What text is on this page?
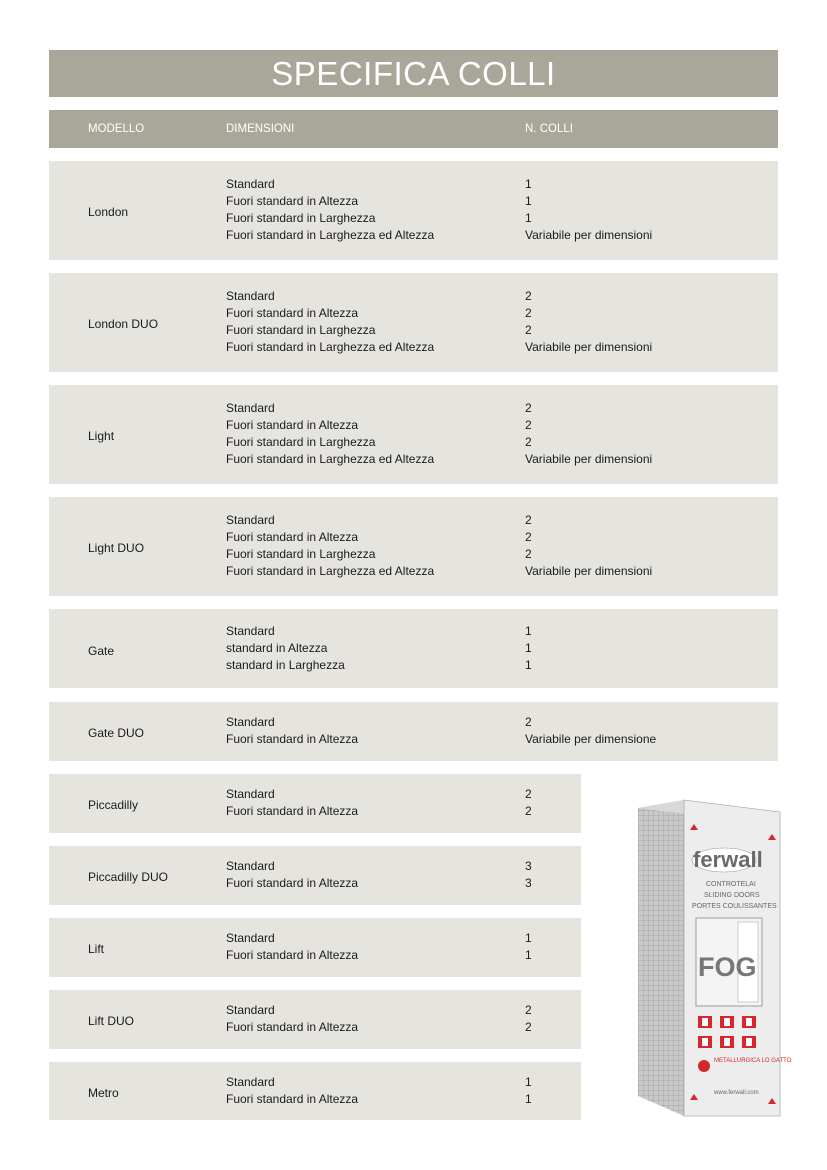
SPECIFICA COLLI
MODELLO	DIMENSIONI	N. COLLI
London
Standard
Fuori standard in Altezza
Fuori standard in Larghezza
Fuori standard in Larghezza ed Altezza
1
1
1
Variabile per dimensioni
London DUO
Standard
Fuori standard in Altezza
Fuori standard in Larghezza
Fuori standard in Larghezza ed Altezza
2
2
2
Variabile per dimensioni
Light
Standard
Fuori standard in Altezza
Fuori standard in Larghezza
Fuori standard in Larghezza ed Altezza
2
2
2
Variabile per dimensioni
Light DUO
Standard
Fuori standard in Altezza
Fuori standard in Larghezza
Fuori standard in Larghezza ed Altezza
2
2
2
Variabile per dimensioni
Gate
Standard
standard in Altezza
standard in Larghezza
1
1
1
Gate DUO
Standard
Fuori standard in Altezza
2
Variabile per dimensione
Piccadilly
Standard
Fuori standard in Altezza
2
2
Piccadilly DUO
Standard
Fuori standard in Altezza
3
3
Lift
Standard
Fuori standard in Altezza
1
1
Lift DUO
Standard
Fuori standard in Altezza
2
2
Metro
Standard
Fuori standard in Altezza
1
1
ferwall
CONTROTELAI
SLIDING DOORS
PORTES COULISSANTES
FOG
METALLURGICA LO GATTO
www.ferwall.com
